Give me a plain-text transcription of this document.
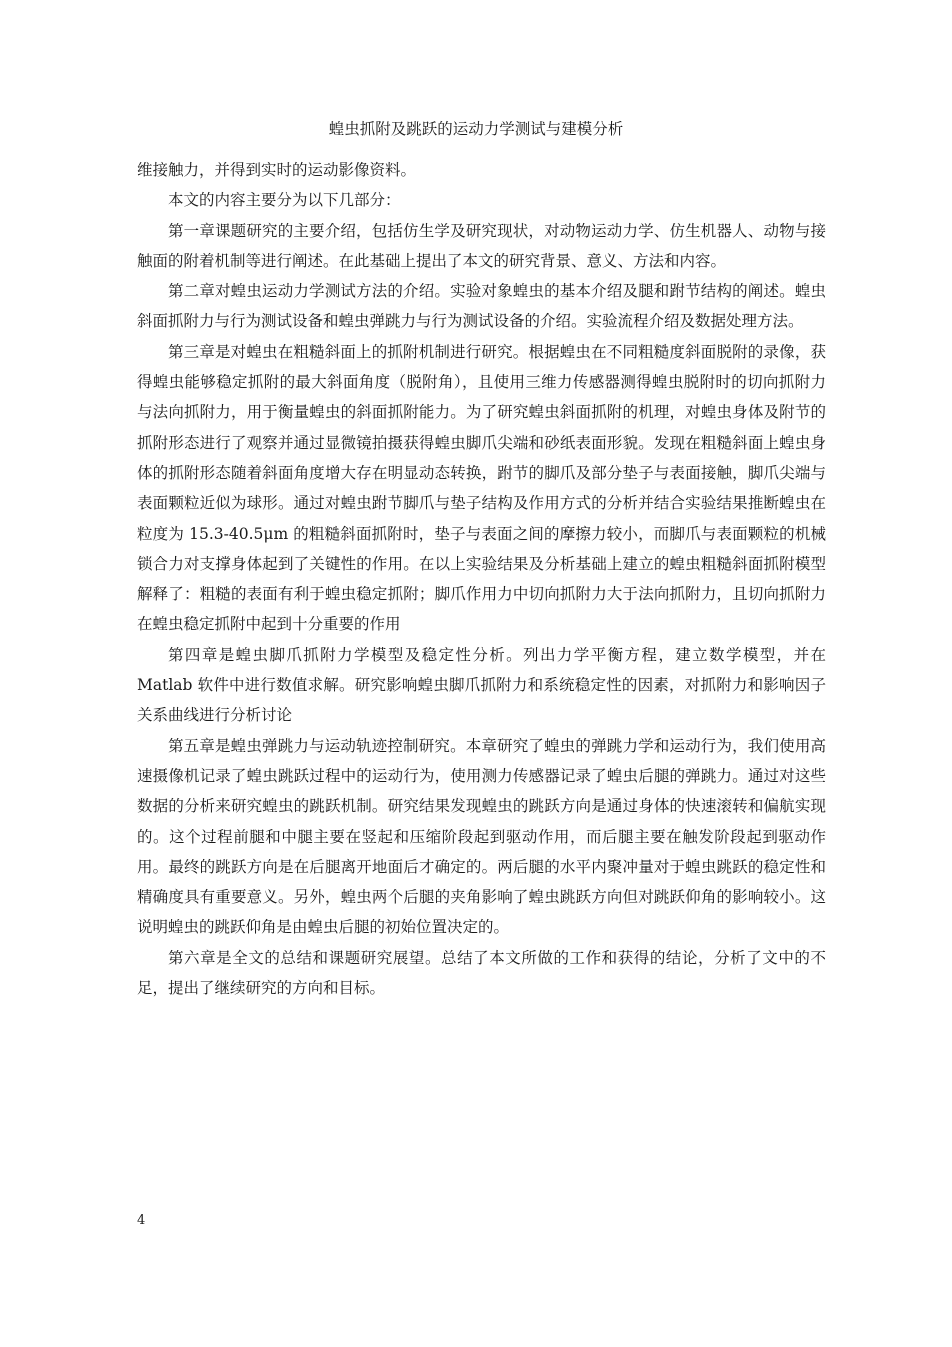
蝗虫抓附及跳跃的运动力学测试与建模分析

维接触力，并得到实时的运动影像资料。

本文的内容主要分为以下几部分：

第一章课题研究的主要介绍，包括仿生学及研究现状，对动物运动力学、仿生机器人、动物与接触面的附着机制等进行阐述。在此基础上提出了本文的研究背景、意义、方法和内容。

第二章对蝗虫运动力学测试方法的介绍。实验对象蝗虫的基本介绍及腿和跗节结构的阐述。蝗虫斜面抓附力与行为测试设备和蝗虫弹跳力与行为测试设备的介绍。实验流程介绍及数据处理方法。

第三章是对蝗虫在粗糙斜面上的抓附机制进行研究。根据蝗虫在不同粗糙度斜面脱附的录像，获得蝗虫能够稳定抓附的最大斜面角度（脱附角），且使用三维力传感器测得蝗虫脱附时的切向抓附力与法向抓附力，用于衡量蝗虫的斜面抓附能力。为了研究蝗虫斜面抓附的机理，对蝗虫身体及附节的抓附形态进行了观察并通过显微镜拍摄获得蝗虫脚爪尖端和砂纸表面形貌。发现在粗糙斜面上蝗虫身体的抓附形态随着斜面角度增大存在明显动态转换，跗节的脚爪及部分垫子与表面接触，脚爪尖端与表面颗粒近似为球形。通过对蝗虫跗节脚爪与垫子结构及作用方式的分析并结合实验结果推断蝗虫在粒度为 15.3-40.5μm 的粗糙斜面抓附时，垫子与表面之间的摩擦力较小，而脚爪与表面颗粒的机械锁合力对支撑身体起到了关键性的作用。在以上实验结果及分析基础上建立的蝗虫粗糙斜面抓附模型解释了：粗糙的表面有利于蝗虫稳定抓附；脚爪作用力中切向抓附力大于法向抓附力，且切向抓附力在蝗虫稳定抓附中起到十分重要的作用

第四章是蝗虫脚爪抓附力学模型及稳定性分析。列出力学平衡方程，建立数学模型，并在 Matlab 软件中进行数值求解。研究影响蝗虫脚爪抓附力和系统稳定性的因素，对抓附力和影响因子关系曲线进行分析讨论

第五章是蝗虫弹跳力与运动轨迹控制研究。本章研究了蝗虫的弹跳力学和运动行为，我们使用高速摄像机记录了蝗虫跳跃过程中的运动行为，使用测力传感器记录了蝗虫后腿的弹跳力。通过对这些数据的分析来研究蝗虫的跳跃机制。研究结果发现蝗虫的跳跃方向是通过身体的快速滚转和偏航实现的。这个过程前腿和中腿主要在竖起和压缩阶段起到驱动作用，而后腿主要在触发阶段起到驱动作用。最终的跳跃方向是在后腿离开地面后才确定的。两后腿的水平内聚冲量对于蝗虫跳跃的稳定性和精确度具有重要意义。另外，蝗虫两个后腿的夹角影响了蝗虫跳跃方向但对跳跃仰角的影响较小。这说明蝗虫的跳跃仰角是由蝗虫后腿的初始位置决定的。

第六章是全文的总结和课题研究展望。总结了本文所做的工作和获得的结论，分析了文中的不足，提出了继续研究的方向和目标。

4
